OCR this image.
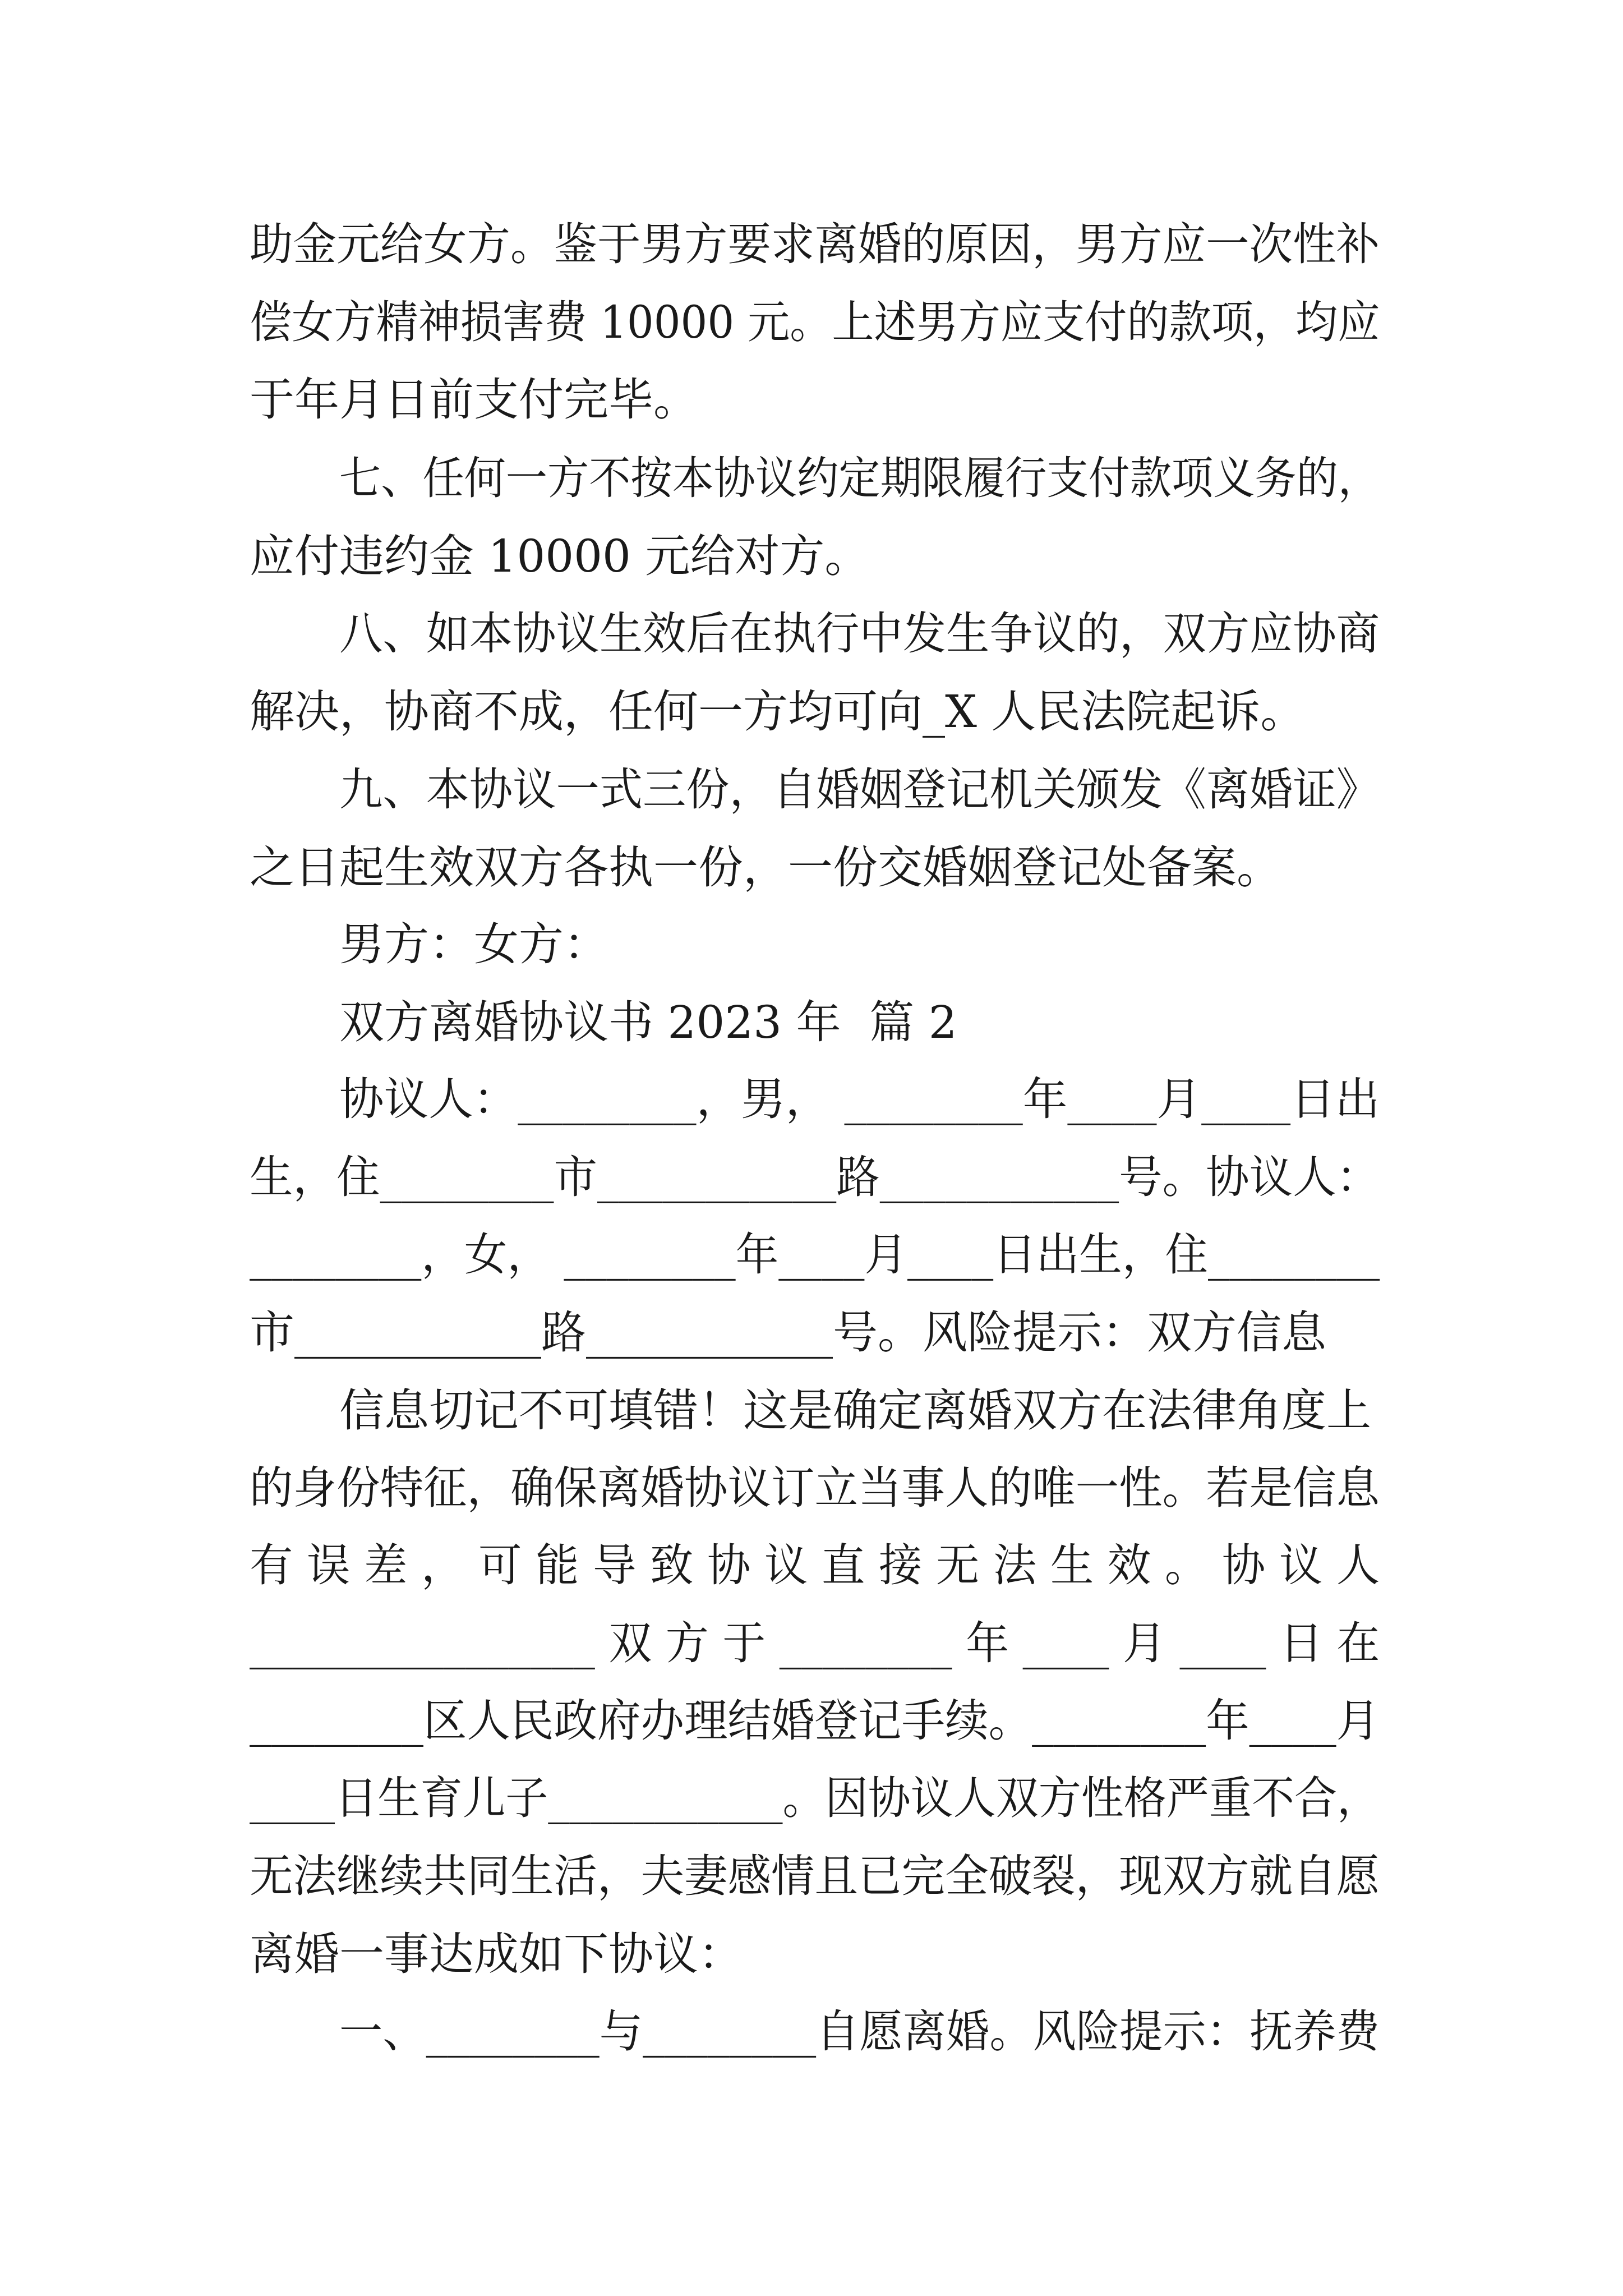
助金元给女方。鉴于男方要求离婚的原因，男方应一次性补

偿女方精神损害费 10000 元。上述男方应支付的款项，均应

于年月日前支付完毕。

七、任何一方不按本协议约定期限履行支付款项义务的，

应付违约金 10000 元给对方。

八、如本协议生效后在执行中发生争议的，双方应协商

解决，协商不成，任何一方均可向_X 人民法院起诉。

九、本协议一式三份，自婚姻登记机关颁发《离婚证》

之日起生效双方各执一份，一份交婚姻登记处备案。

男方：女方：

双方离婚协议书 2023 年  篇 2

协议人：________，男， ________年____月____日出

生，住________市___________路___________号。协议人：

________，女， ________年____月____日出生，住________

市___________路___________号。风险提示：双方信息

信息切记不可填错！这是确定离婚双方在法律角度上

的身份特征，确保离婚协议订立当事人的唯一性。若是信息

有 误 差 ， 可 能 导 致 协 议 直 接 无 法 生 效 。 协 议 人

________________ 双 方 于 ________ 年 ____ 月 ____ 日 在

________区人民政府办理结婚登记手续。________年____月

____日生育儿子___________。因协议人双方性格严重不合，

无法继续共同生活，夫妻感情且已完全破裂，现双方就自愿

离婚一事达成如下协议：

一、________与________自愿离婚。风险提示：抚养费
